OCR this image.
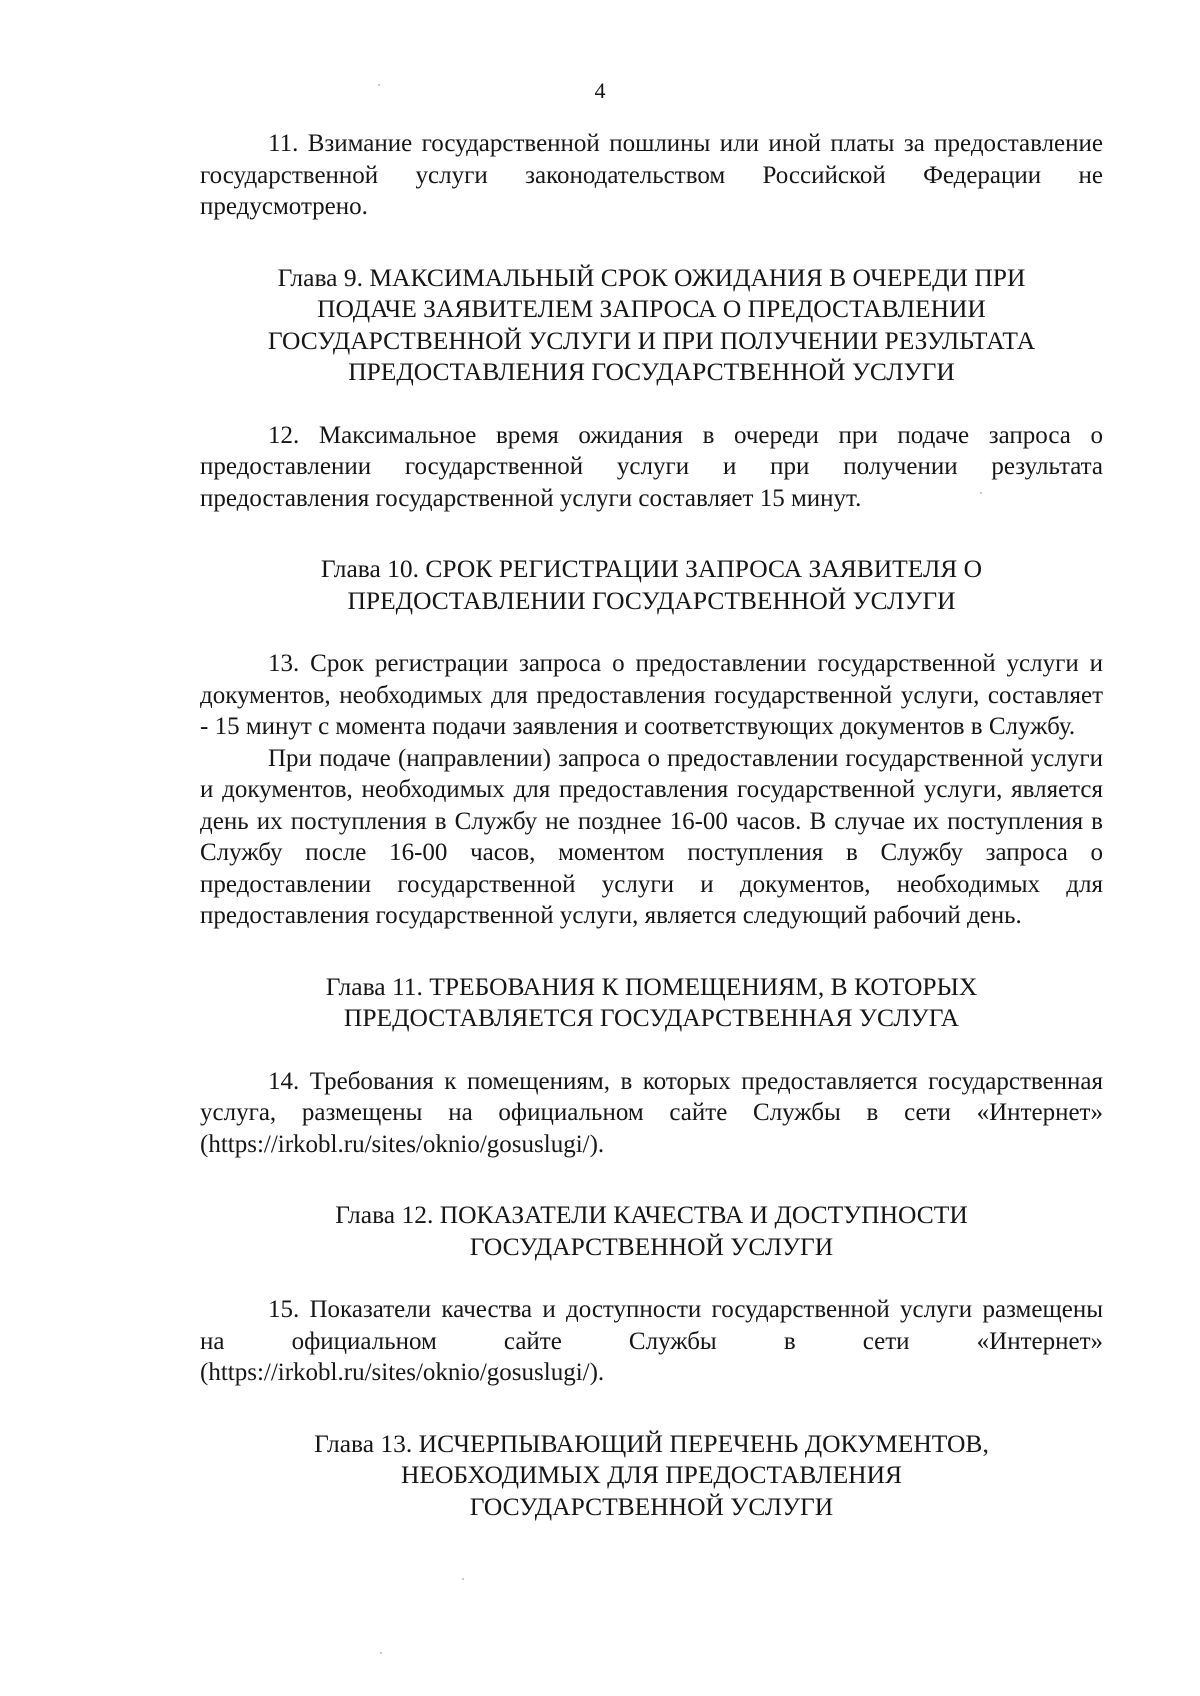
4

11. Взимание государственной пошлины или иной платы за предоставление государственной услуги законодательством Российской Федерации не предусмотрено.

Глава 9. МАКСИМАЛЬНЫЙ СРОК ОЖИДАНИЯ В ОЧЕРЕДИ ПРИ
ПОДАЧЕ ЗАЯВИТЕЛЕМ ЗАПРОСА О ПРЕДОСТАВЛЕНИИ
ГОСУДАРСТВЕННОЙ УСЛУГИ И ПРИ ПОЛУЧЕНИИ РЕЗУЛЬТАТА
ПРЕДОСТАВЛЕНИЯ ГОСУДАРСТВЕННОЙ УСЛУГИ

12. Максимальное время ожидания в очереди при подаче запроса о предоставлении государственной услуги и при получении результата предоставления государственной услуги составляет 15 минут.

Глава 10. СРОК РЕГИСТРАЦИИ ЗАПРОСА ЗАЯВИТЕЛЯ О
ПРЕДОСТАВЛЕНИИ ГОСУДАРСТВЕННОЙ УСЛУГИ

13. Срок регистрации запроса о предоставлении государственной услуги и документов, необходимых для предоставления государственной услуги, составляет - 15 минут с момента подачи заявления и соответствующих документов в Службу.

При подаче (направлении) запроса о предоставлении государственной услуги и документов, необходимых для предоставления государственной услуги, является день их поступления в Службу не позднее 16-00 часов. В случае их поступления в Службу после 16-00 часов, моментом поступления в Службу запроса о предоставлении государственной услуги и документов, необходимых для предоставления государственной услуги, является следующий рабочий день.

Глава 11. ТРЕБОВАНИЯ К ПОМЕЩЕНИЯМ, В КОТОРЫХ
ПРЕДОСТАВЛЯЕТСЯ ГОСУДАРСТВЕННАЯ УСЛУГА

14. Требования к помещениям, в которых предоставляется государственная услуга, размещены на официальном сайте Службы в сети «Интернет» (https://irkobl.ru/sites/oknio/gosuslugi/).

Глава 12. ПОКАЗАТЕЛИ КАЧЕСТВА И ДОСТУПНОСТИ
ГОСУДАРСТВЕННОЙ УСЛУГИ

15. Показатели качества и доступности государственной услуги размещены на официальном сайте Службы в сети «Интернет» (https://irkobl.ru/sites/oknio/gosuslugi/).

Глава 13. ИСЧЕРПЫВАЮЩИЙ ПЕРЕЧЕНЬ ДОКУМЕНТОВ,
НЕОБХОДИМЫХ ДЛЯ ПРЕДОСТАВЛЕНИЯ
ГОСУДАРСТВЕННОЙ УСЛУГИ
